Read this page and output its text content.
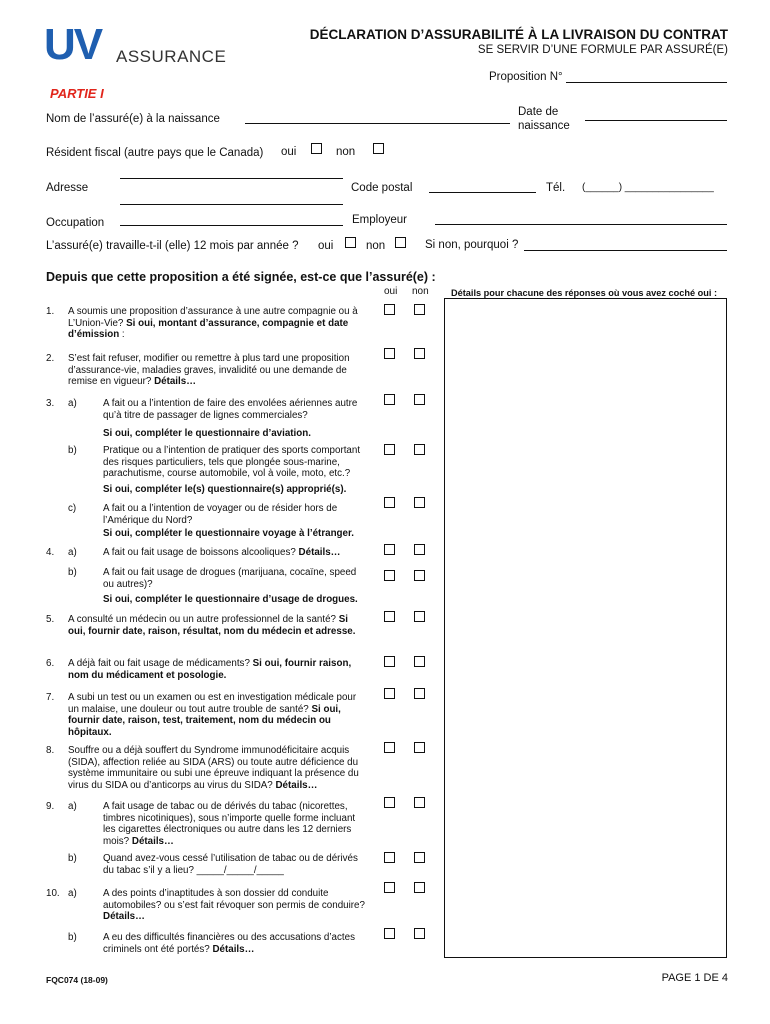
UV ASSURANCE
DÉCLARATION D’ASSURABILITÉ À LA LIVRAISON DU CONTRAT
SE SERVIR D’UNE FORMULE PAR ASSURÉ(E)
Proposition N°
PARTIE I
Nom de l’assuré(e) à la naissance
Date de
naissance
Résident fiscal (autre pays que le Canada) oui	non
Adresse	Code postal	Tél. (______) ________________
Occupation	Employeur
L’assuré(e) travaille-t-il (elle) 12 mois par année ? oui	non	Si non, pourquoi ?
Depuis que cette proposition a été signée, est-ce que l’assuré(e) :
oui non Détails pour chacune des réponses où vous avez coché oui :
1. A soumis une proposition d’assurance à une autre compagnie ou à L’Union-Vie? Si oui, montant d’assurance, compagnie et date d’émission :
2. S’est fait refuser, modifier ou remettre à plus tard une proposition d’assurance-vie, maladies graves, invalidité ou une demande de remise en vigueur? Détails…
3. a)	A fait ou a l’intention de faire des envolées aériennes autre qu’à titre de passager de lignes commerciales?
Si oui, compléter le questionnaire d’aviation.
b)	Pratique ou a l’intention de pratiquer des sports comportant des risques particuliers, tels que plongée sous-marine, parachutisme, course automobile, vol à voile, moto, etc.?
Si oui, compléter le(s) questionnaire(s) approprié(s).
c)	A fait ou a l’intention de voyager ou de résider hors de l’Amérique du Nord?
Si oui, compléter le questionnaire voyage à l’étranger.
4. a)	A fait ou fait usage de boissons alcooliques? Détails…
b)	A fait ou fait usage de drogues (marijuana, cocaïne, speed ou autres)?
Si oui, compléter le questionnaire d’usage de drogues.
5. A consulté un médecin ou un autre professionnel de la santé? Si oui, fournir date, raison, résultat, nom du médecin et adresse.
6. A déjà fait ou fait usage de médicaments? Si oui, fournir raison, nom du médicament et posologie.
7. A subi un test ou un examen ou est en investigation médicale pour un malaise, une douleur ou tout autre trouble de santé? Si oui, fournir date, raison, test, traitement, nom du médecin ou hôpitaux.
8. Souffre ou a déjà souffert du Syndrome immunodéficitaire acquis (SIDA), affection reliée au SIDA (ARS) ou toute autre déficience du système immunitaire ou subi une épreuve indiquant la présence du virus du SIDA ou d’anticorps au virus du SIDA? Détails…
9. a)	A fait usage de tabac ou de dérivés du tabac (nicorettes, timbres nicotiniques), sous n’importe quelle forme incluant les cigarettes électroniques ou autre dans les 12 derniers mois? Détails…
b)	Quand avez-vous cessé l’utilisation de tabac ou de dérivés du tabac s’il y a lieu? _____/_____/_____
10. a)	A des points d’inaptitudes à son dossier dd conduite automobiles? ou s’est fait révoquer son permis de conduire? Détails…
b)	A eu des difficultés financières ou des accusations d’actes criminels ont été portés? Détails…
FQC074 (18-09)	PAGE 1 DE 4
